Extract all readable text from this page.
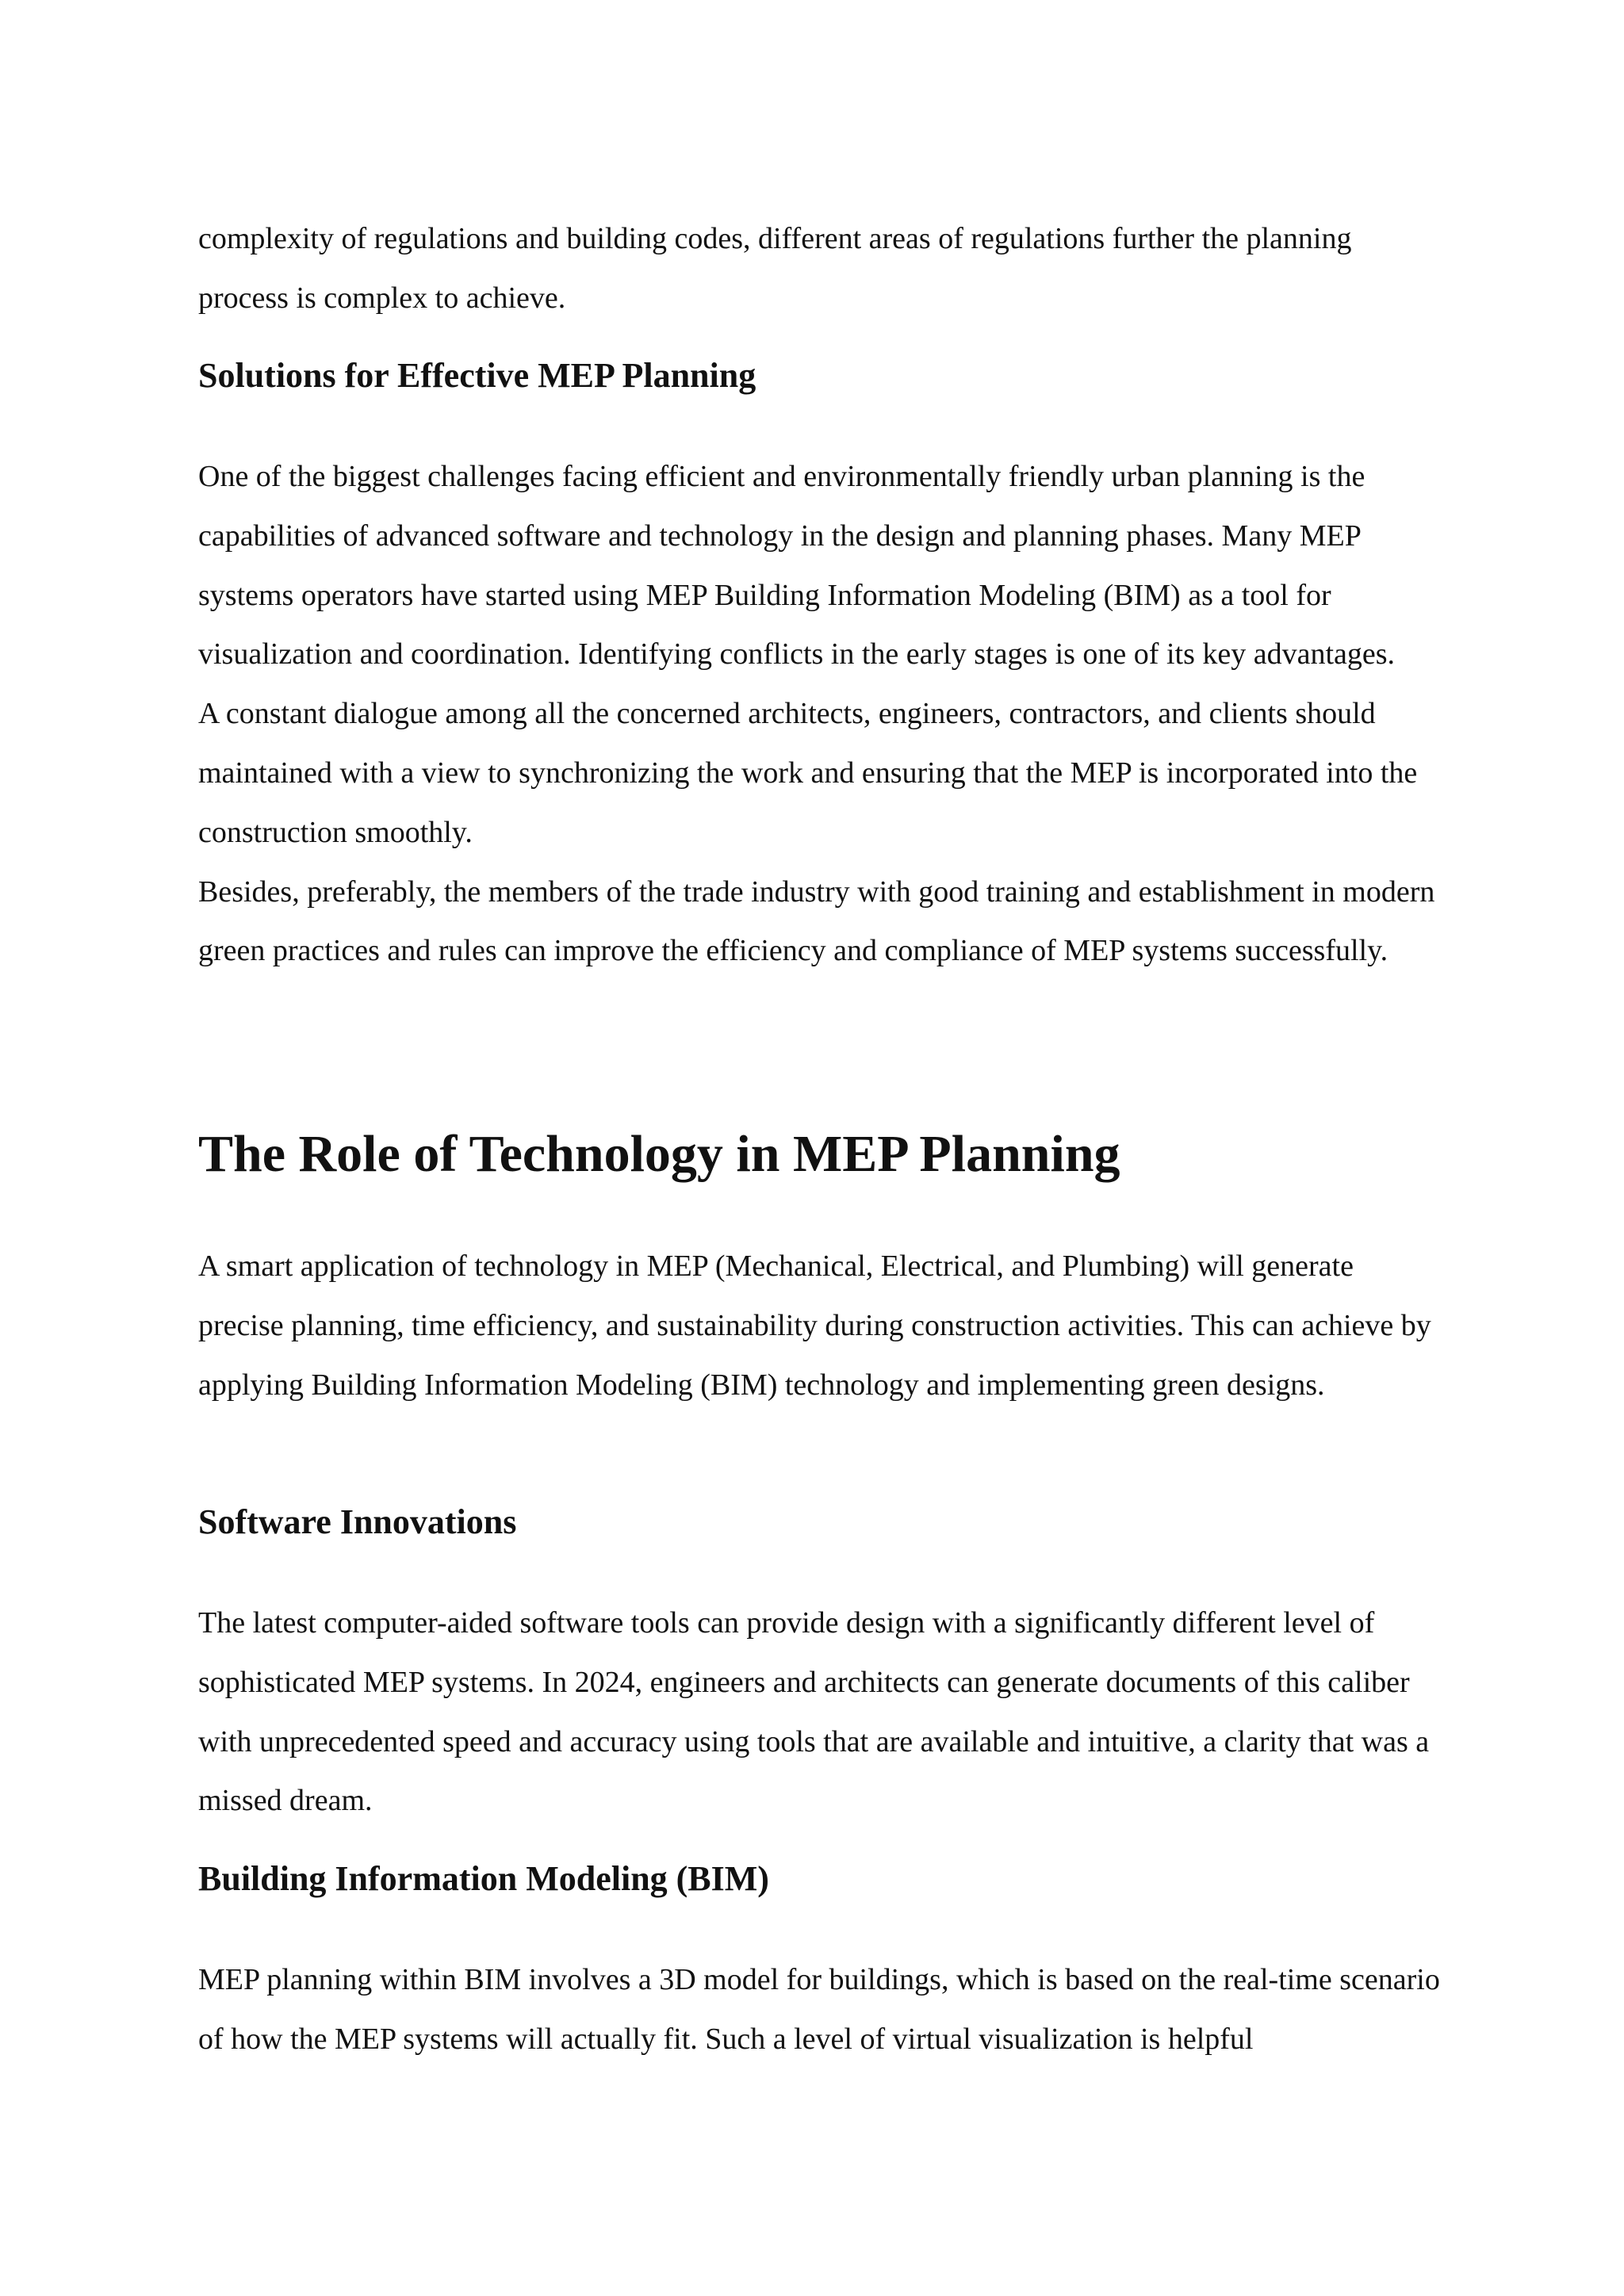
complexity of regulations and building codes, different areas of regulations further the planning process is complex to achieve.

Solutions for Effective MEP Planning

One of the biggest challenges facing efficient and environmentally friendly urban planning is the capabilities of advanced software and technology in the design and planning phases. Many MEP systems operators have started using MEP Building Information Modeling (BIM) as a tool for visualization and coordination. Identifying conflicts in the early stages is one of its key advantages.

A constant dialogue among all the concerned architects, engineers, contractors, and clients should maintained with a view to synchronizing the work and ensuring that the MEP is incorporated into the construction smoothly.

Besides, preferably, the members of the trade industry with good training and establishment in modern green practices and rules can improve the efficiency and compliance of MEP systems successfully.

The Role of Technology in MEP Planning

A smart application of technology in MEP (Mechanical, Electrical, and Plumbing) will generate precise planning, time efficiency, and sustainability during construction activities. This can achieve by applying Building Information Modeling (BIM) technology and implementing green designs.

Software Innovations

The latest computer-aided software tools can provide design with a significantly different level of sophisticated MEP systems. In 2024, engineers and architects can generate documents of this caliber with unprecedented speed and accuracy using tools that are available and intuitive, a clarity that was a missed dream.

Building Information Modeling (BIM)

MEP planning within BIM involves a 3D model for buildings, which is based on the real-time scenario of how the MEP systems will actually fit. Such a level of virtual visualization is helpful
